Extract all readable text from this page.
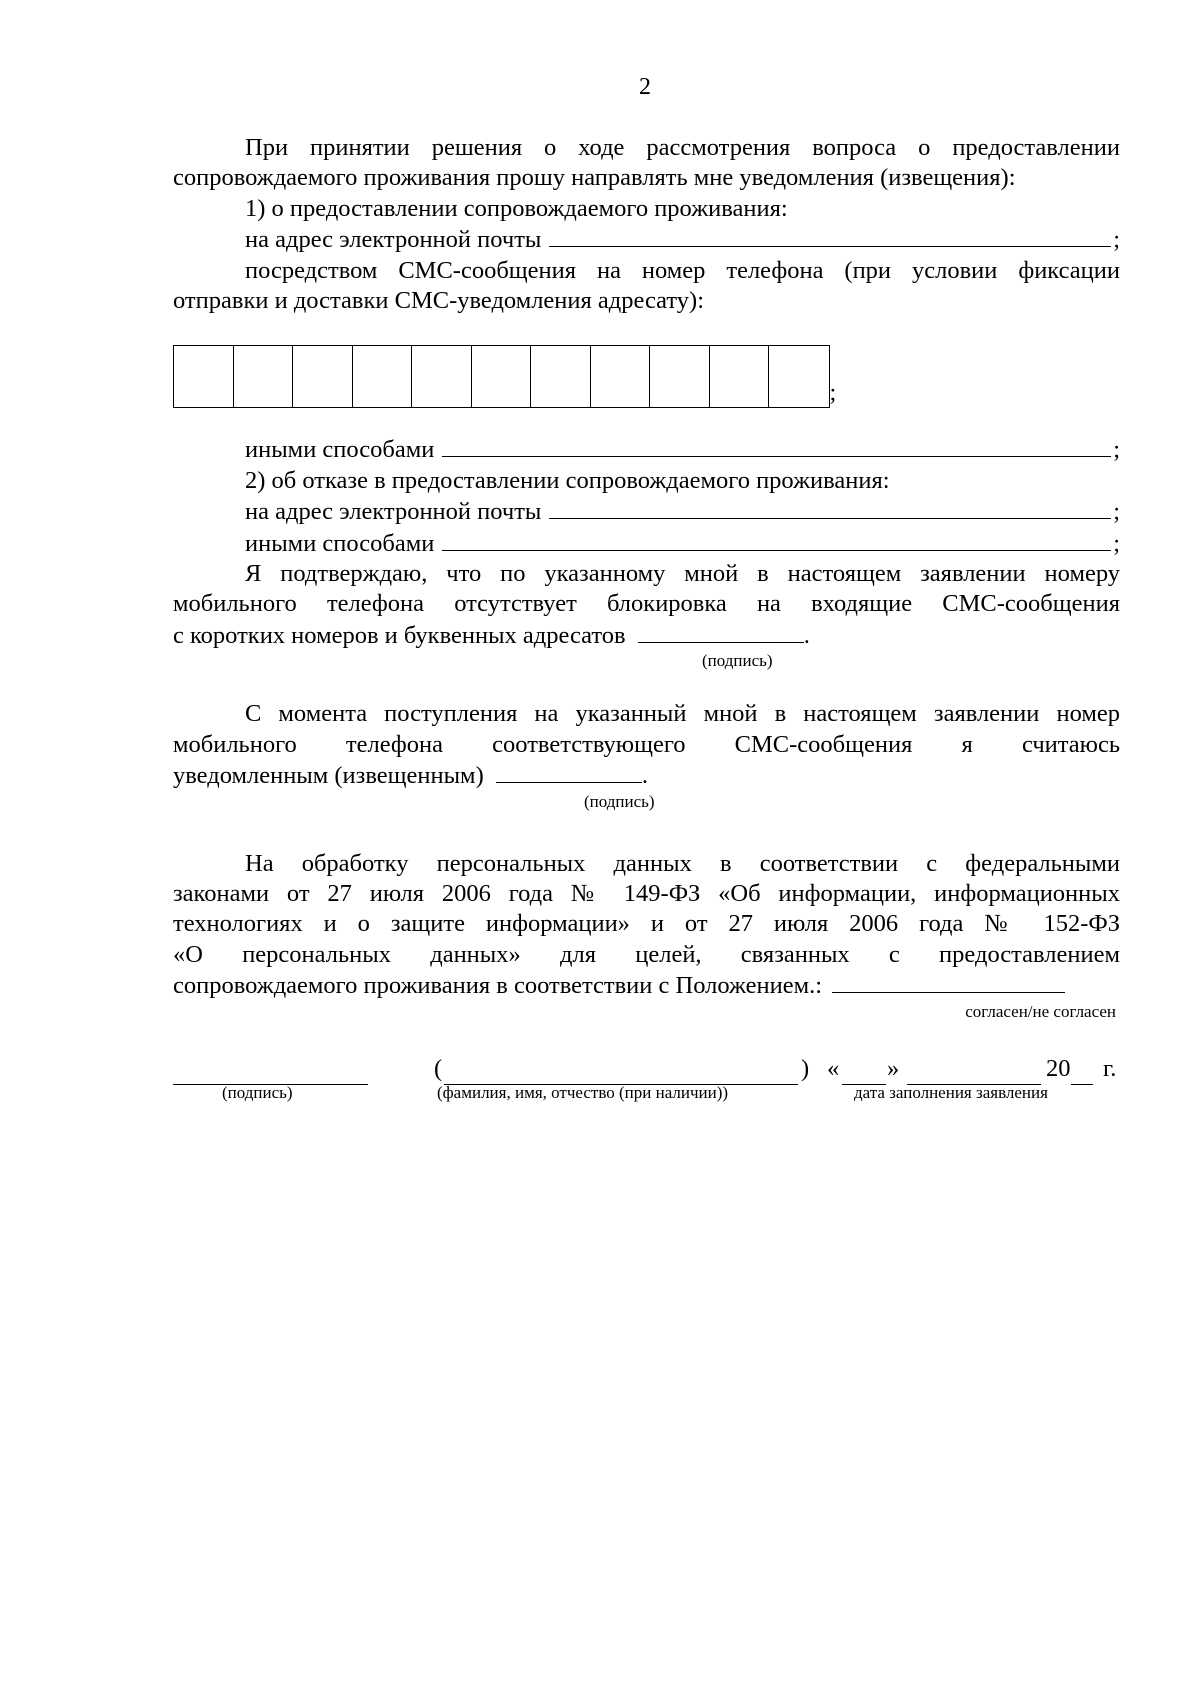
2

При принятии решения о ходе рассмотрения вопроса о предоставлении сопровождаемого проживания прошу направлять мне уведомления (извещения):

1) о предоставлении сопровождаемого проживания:
на адрес электронной почты	;

посредством СМС-сообщения на номер телефона (при условии фиксации

отправки и доставки СМС-уведомления адресату):

;
иными способами	;
2) об отказе в предоставлении сопровождаемого проживания:
на адрес электронной почты	;
иными способами	;

Я подтверждаю, что по указанному мной в настоящем заявлении номеру

мобильного телефона отсутствует блокировка на входящие СМС-сообщения

с коротких номеров и буквенных адресатов	.

(подпись)

С момента поступления на указанный мной в настоящем заявлении номер

мобильного телефона соответствующего СМС-сообщения я считаюсь

уведомленным (извещенным)	.

(подпись)

На обработку персональных данных в соответствии с федеральными

законами от 27 июля 2006 года № 149-ФЗ «Об информации, информационных

технологиях и о защите информации» и от 27 июля 2006 года № 152-ФЗ

«О персональных данных» для целей, связанных с предоставлением

сопровождаемого проживания в соответствии с Положением.:

согласен/не согласен
(	) « »	20 г.
(подпись)	(фамилия, имя, отчество (при наличии))	дата заполнения заявления
